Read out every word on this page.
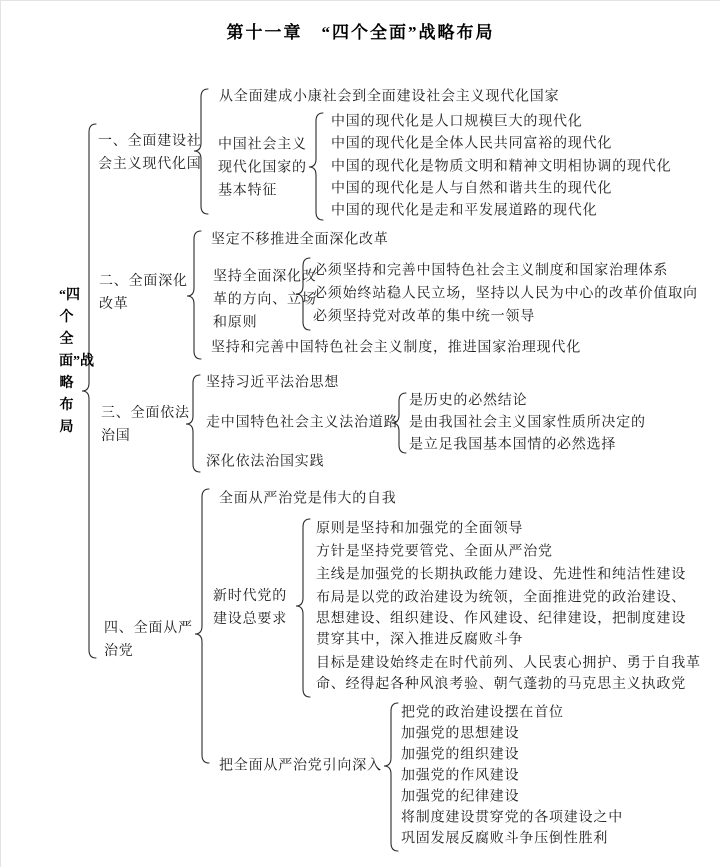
第十一章　“四个全面”战略布局
“四个全面”战略布局
一、全面建设社会主义现代化国
从全面建成小康社会到全面建设社会主义现代化国家
中国社会主义现代化国家的基本特征
中国的现代化是人口规模巨大的现代化
中国的现代化是全体人民共同富裕的现代化
中国的现代化是物质文明和精神文明相协调的现代化
中国的现代化是人与自然和谐共生的现代化
中国的现代化是走和平发展道路的现代化
二、全面深化改革
坚定不移推进全面深化改革
坚持全面深化改革的方向、立场和原则
必须坚持和完善中国特色社会主义制度和国家治理体系
必须始终站稳人民立场，坚持以人民为中心的改革价值取向
必须坚持党对改革的集中统一领导
坚持和完善中国特色社会主义制度，推进国家治理现代化
三、全面依法治国
坚持习近平法治思想
走中国特色社会主义法治道路
是历史的必然结论
是由我国社会主义国家性质所决定的
是立足我国基本国情的必然选择
深化依法治国实践
四、全面从严治党
全面从严治党是伟大的自我
新时代党的建设总要求
原则是坚持和加强党的全面领导
方针是坚持党要管党、全面从严治党
主线是加强党的长期执政能力建设、先进性和纯洁性建设
布局是以党的政治建设为统领，全面推进党的政治建设、思想建设、组织建设、作风建设、纪律建设，把制度建设贯穿其中，深入推进反腐败斗争
目标是建设始终走在时代前列、人民衷心拥护、勇于自我革命、经得起各种风浪考验、朝气蓬勃的马克思主义执政党
把全面从严治党引向深入
把党的政治建设摆在首位
加强党的思想建设
加强党的组织建设
加强党的作风建设
加强党的纪律建设
将制度建设贯穿党的各项建设之中
巩固发展反腐败斗争压倒性胜利
